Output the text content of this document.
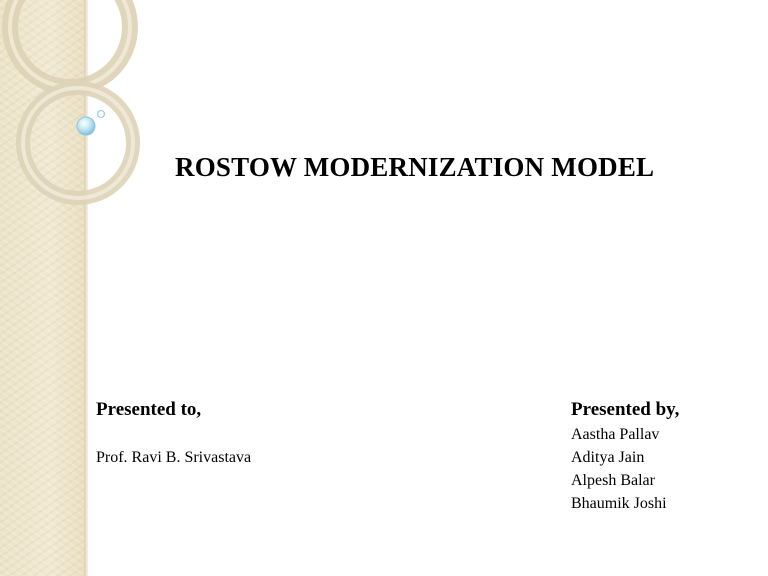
ROSTOW MODERNIZATION MODEL
Presented to,
Prof. Ravi B. Srivastava
Presented by,
Aastha Pallav
Aditya Jain
Alpesh Balar
Bhaumik Joshi
